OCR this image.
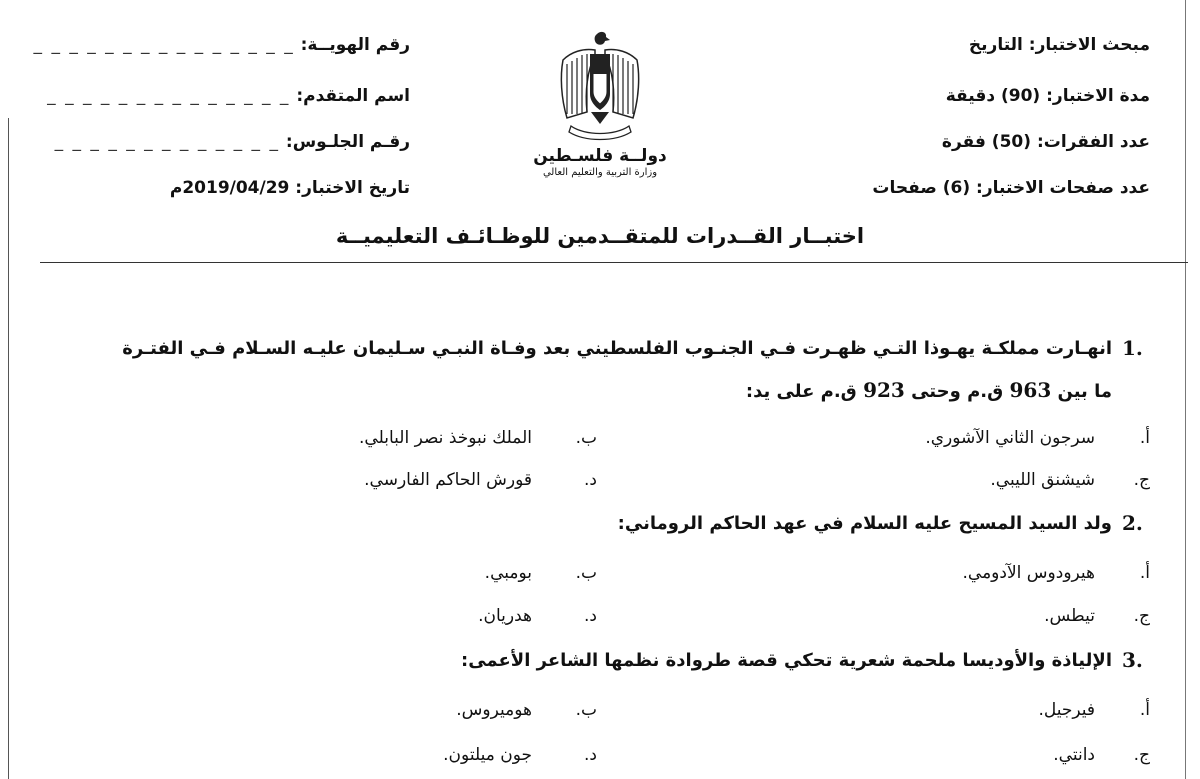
مبحث الاختبار: التاريخ
مدة الاختبار: (90) دقيقة
عدد الفقرات: (50) فقرة
عدد صفحات الاختبار: (6) صفحات
رقم الهويــة: _ _ _ _ _ _ _ _ _ _ _ _ _ _ _
اسم المتقدم: _ _ _ _ _ _ _ _ _ _ _ _ _ _
رقـم الجلـوس: _ _ _ _ _ _ _ _ _ _ _ _ _
تاريخ الاختبار: 2019/04/29م
دولــة فلسـطين
وزارة التربية والتعليم العالي
اختبــار القــدرات للمتقــدمين للوظـائـف التعليميــة
1.
انهـارت مملكـة يهـوذا التـي ظهـرت فـي الجنـوب الفلسطيني بعد وفـاة النبـي سـليمان عليـه السـلام فـي الفتـرة
ما بين 963 ق.م وحتى 923 ق.م على يد:
أ.
سرجون الثاني الآشوري.
ب.
الملك نبوخذ نصر البابلي.
ج.
شيشنق الليبي.
د.
قورش الحاكم الفارسي.
2.
ولد السيد المسيح عليه السلام في عهد الحاكم الروماني:
أ.
هيرودوس الآدومي.
ب.
بومبي.
ج.
تيطس.
د.
هدريان.
3.
الإلياذة والأوديسا ملحمة شعرية تحكي قصة طروادة نظمها الشاعر الأعمى:
أ.
فيرجيل.
ب.
هوميروس.
ج.
دانتي.
د.
جون ميلتون.
